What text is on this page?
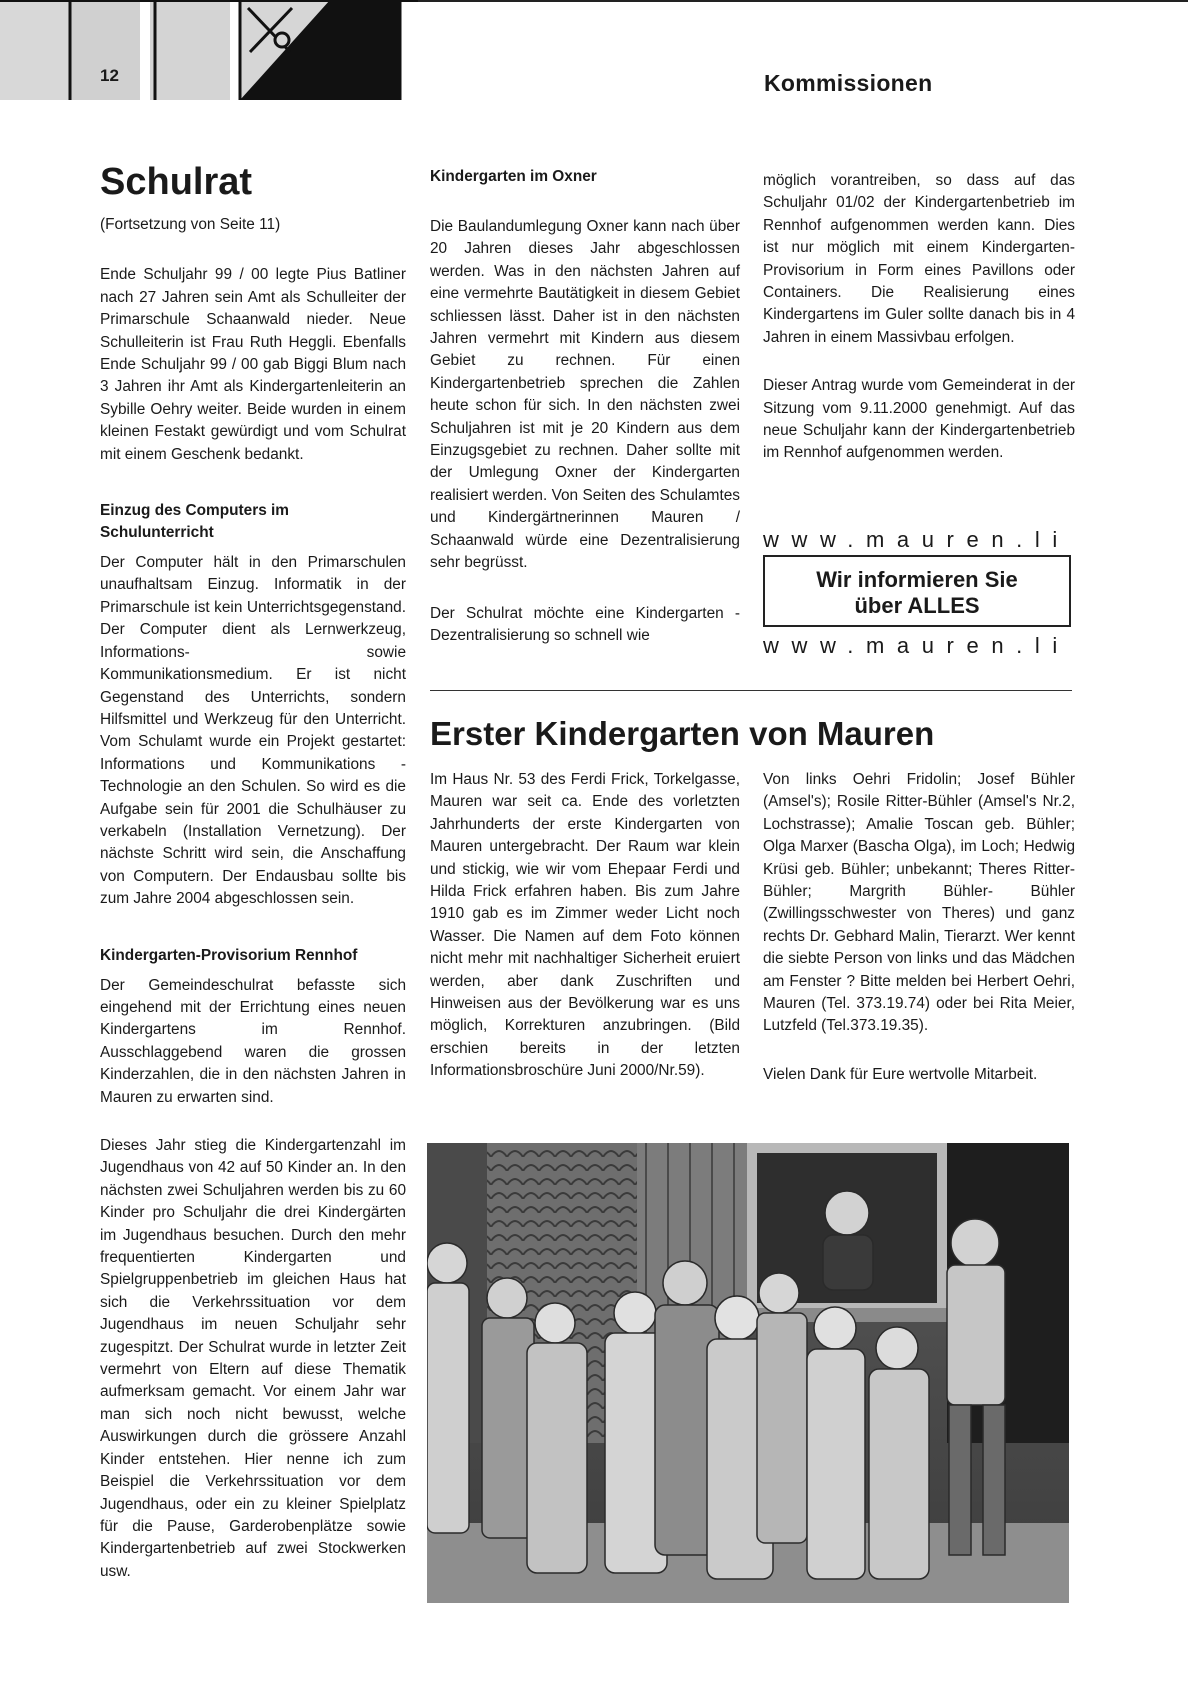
12	Kommissionen
Schulrat

(Fortsetzung von Seite 11)

Ende Schuljahr 99 / 00 legte Pius Batliner nach 27 Jahren sein Amt als Schulleiter der Primarschule Schaanwald nieder. Neue Schulleiterin ist Frau Ruth Heggli. Ebenfalls Ende Schuljahr 99 / 00 gab Biggi Blum nach 3 Jahren ihr Amt als Kindergartenleiterin an Sybille Oehry weiter. Beide wurden in einem kleinen Festakt gewürdigt und vom Schulrat mit einem Geschenk bedankt.

Einzug des Computers im Schulunterricht

Der Computer hält in den Primarschulen unaufhaltsam Einzug. Informatik in der Primarschule ist kein Unterrichtsgegenstand. Der Computer dient als Lernwerkzeug, Informations- sowie Kommunikationsmedium. Er ist nicht Gegenstand des Unterrichts, sondern Hilfsmittel und Werkzeug für den Unterricht. Vom Schulamt wurde ein Projekt gestartet: Informations und Kommunikations - Technologie an den Schulen. So wird es die Aufgabe sein für 2001 die Schulhäuser zu verkabeln (Installation Vernetzung). Der nächste Schritt wird sein, die Anschaffung von Computern. Der Endausbau sollte bis zum Jahre 2004 abgeschlossen sein.

Kindergarten-Provisorium Rennhof

Der Gemeindeschulrat befasste sich eingehend mit der Errichtung eines neuen Kindergartens im Rennhof. Ausschlaggebend waren die grossen Kinderzahlen, die in den nächsten Jahren in Mauren zu erwarten sind.

Dieses Jahr stieg die Kindergartenzahl im Jugendhaus von 42 auf 50 Kinder an. In den nächsten zwei Schuljahren werden bis zu 60 Kinder pro Schuljahr die drei Kindergärten im Jugendhaus besuchen. Durch den mehr frequentierten Kindergarten und Spielgruppenbetrieb im gleichen Haus hat sich die Verkehrssituation vor dem Jugendhaus im neuen Schuljahr sehr zugespitzt. Der Schulrat wurde in letzter Zeit vermehrt von Eltern auf diese Thematik aufmerksam gemacht. Vor einem Jahr war man sich noch nicht bewusst, welche Auswirkungen durch die grössere Anzahl Kinder entstehen. Hier nenne ich zum Beispiel die Verkehrssituation vor dem Jugendhaus, oder ein zu kleiner Spielplatz für die Pause, Garderobenplätze sowie Kindergartenbetrieb auf zwei Stockwerken usw.

Kindergarten im Oxner

Die Baulandumlegung Oxner kann nach über 20 Jahren dieses Jahr abgeschlossen werden. Was in den nächsten Jahren auf eine vermehrte Bautätigkeit in diesem Gebiet schliessen lässt. Daher ist in den nächsten Jahren vermehrt mit Kindern aus diesem Gebiet zu rechnen. Für einen Kindergartenbetrieb sprechen die Zahlen heute schon für sich. In den nächsten zwei Schuljahren ist mit je 20 Kindern aus dem Einzugsgebiet zu rechnen. Daher sollte mit der Umlegung Oxner der Kindergarten realisiert werden. Von Seiten des Schulamtes und Kindergärtnerinnen Mauren / Schaanwald würde eine Dezentralisierung sehr begrüsst.

Der Schulrat möchte eine Kindergarten - Dezentralisierung so schnell wie

möglich vorantreiben, so dass auf das Schuljahr 01/02 der Kindergartenbetrieb im Rennhof aufgenommen werden kann. Dies ist nur möglich mit einem Kindergarten-Provisorium in Form eines Pavillons oder Containers. Die Realisierung eines Kindergartens im Guler sollte danach bis in 4 Jahren in einem Massivbau erfolgen.

Dieser Antrag wurde vom Gemeinderat in der Sitzung vom 9.11.2000 genehmigt. Auf das neue Schuljahr kann der Kindergartenbetrieb im Rennhof aufgenommen werden.

www.mauren.li
Wir informieren Sie
über ALLES
www.mauren.li
Erster Kindergarten von Mauren

Im Haus Nr. 53 des Ferdi Frick, Torkelgasse, Mauren war seit ca. Ende des vorletzten Jahrhunderts der erste Kindergarten von Mauren untergebracht. Der Raum war klein und stickig, wie wir vom Ehepaar Ferdi und Hilda Frick erfahren haben. Bis zum Jahre 1910 gab es im Zimmer weder Licht noch Wasser. Die Namen auf dem Foto können nicht mehr mit nachhaltiger Sicherheit eruiert werden, aber dank Zuschriften und Hinweisen aus der Bevölkerung war es uns möglich, Korrekturen anzubringen. (Bild erschien bereits in der letzten Informationsbroschüre Juni 2000/Nr.59).

Von links Oehri Fridolin; Josef Bühler (Amsel's); Rosile Ritter-Bühler (Amsel's Nr.2, Lochstrasse); Amalie Toscan geb. Bühler; Olga Marxer (Bascha Olga), im Loch; Hedwig Krüsi geb. Bühler; unbekannt; Theres Ritter-Bühler; Margrith Bühler- Bühler (Zwillingsschwester von Theres) und ganz rechts Dr. Gebhard Malin, Tierarzt. Wer kennt die siebte Person von links und das Mädchen am Fenster ? Bitte melden bei Herbert Oehri, Mauren (Tel. 373.19.74) oder bei Rita Meier, Lutzfeld (Tel.373.19.35).

Vielen Dank für Eure wertvolle Mitarbeit.
